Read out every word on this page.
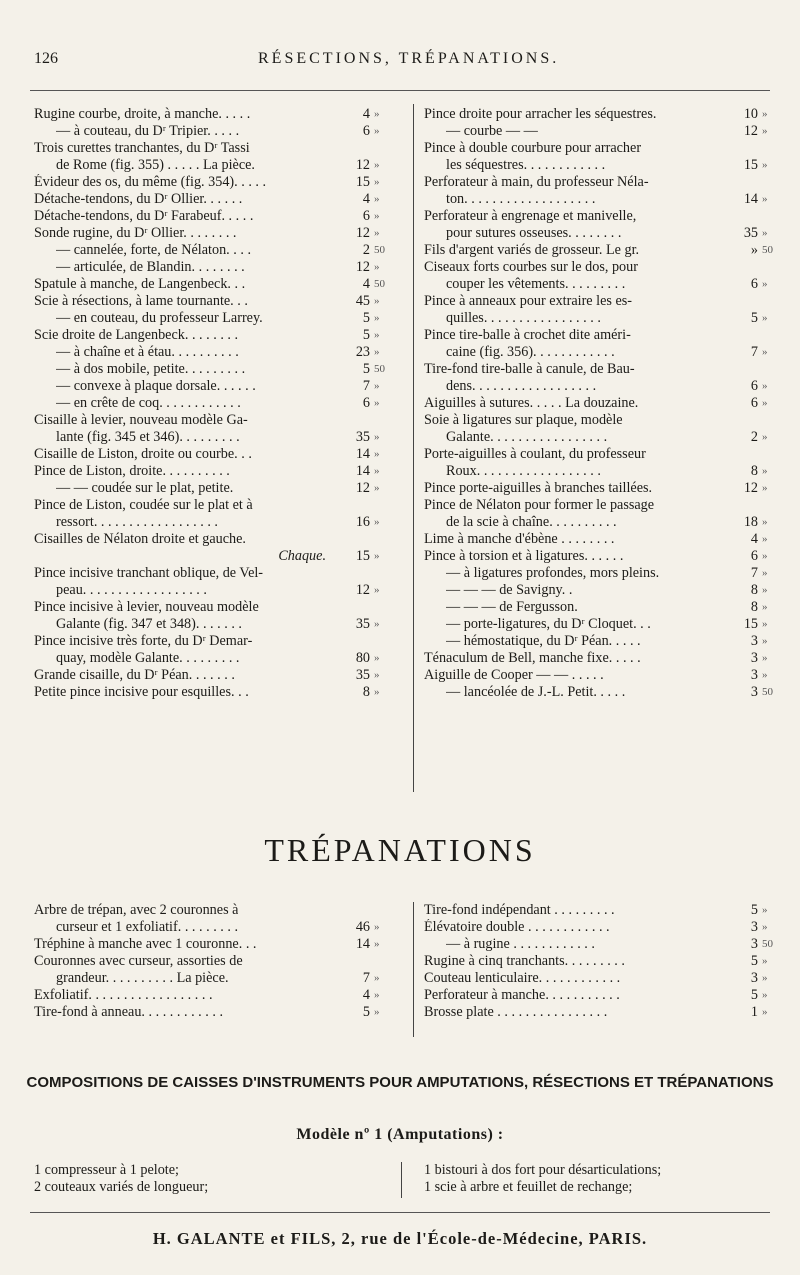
126	RÉSECTIONS, TRÉPANATIONS.
Rugine courbe, droite, à manche. . . . .	4 »
— à couteau, du Dʳ Tripier. . . . .	6 »
Trois curettes tranchantes, du Dʳ Tassi
de Rome (fig. 355) . . . . . La pièce.	12 »
Évideur des os, du même (fig. 354). . . . .	15 »
Détache-tendons, du Dʳ Ollier. . . . . .	4 »
Détache-tendons, du Dʳ Farabeuf. . . . .	6 »
Sonde rugine, du Dʳ Ollier. . . . . . . .	12 »
— cannelée, forte, de Nélaton. . . .	2 50
— articulée, de Blandin. . . . . . . .	12 »
Spatule à manche, de Langenbeck. . .	4 50
Scie à résections, à lame tournante. . .	45 »
— en couteau, du professeur Larrey.	5 »
Scie droite de Langenbeck. . . . . . . .	5 »
— à chaîne et à étau. . . . . . . . . .	23 »
— à dos mobile, petite. . . . . . . . .	5 50
— convexe à plaque dorsale. . . . . .	7 »
— en crête de coq. . . . . . . . . . . .	6 »
Cisaille à levier, nouveau modèle Ga-
lante (fig. 345 et 346). . . . . . . . .	35 »
Cisaille de Liston, droite ou courbe. . .	14 »
Pince de Liston, droite. . . . . . . . . .	14 »
— — coudée sur le plat, petite.	12 »
Pince de Liston, coudée sur le plat et à
ressort. . . . . . . . . . . . . . . . . .	16 »
Cisailles de Nélaton droite et gauche.
Chaque. 15 »
Pince incisive tranchant oblique, de Vel-
peau. . . . . . . . . . . . . . . . . .	12 »
Pince incisive à levier, nouveau modèle
Galante (fig. 347 et 348). . . . . . .	35 »
Pince incisive très forte, du Dʳ Demar-
quay, modèle Galante. . . . . . . . .	80 »
Grande cisaille, du Dʳ Péan. . . . . . .	35 »
Petite pince incisive pour esquilles. . .	8 »
Pince droite pour arracher les séquestres.	10 »
— courbe — —	12 »
Pince à double courbure pour arracher
les séquestres. . . . . . . . . . . .	15 »
Perforateur à main, du professeur Néla-
ton. . . . . . . . . . . . . . . . . . .	14 »
Perforateur à engrenage et manivelle,
pour sutures osseuses. . . . . . . .	35 »
Fils d'argent variés de grosseur. Le gr.	» 50
Ciseaux forts courbes sur le dos, pour
couper les vêtements. . . . . . . . .	6 »
Pince à anneaux pour extraire les es-
quilles. . . . . . . . . . . . . . . . .	5 »
Pince tire-balle à crochet dite améri-
caine (fig. 356). . . . . . . . . . . .	7 »
Tire-fond tire-balle à canule, de Bau-
dens. . . . . . . . . . . . . . . . . .	6 »
Aiguilles à sutures. . . . . La douzaine.	6 »
Soie à ligatures sur plaque, modèle
Galante. . . . . . . . . . . . . . . . .	2 »
Porte-aiguilles à coulant, du professeur
Roux. . . . . . . . . . . . . . . . . .	8 »
Pince porte-aiguilles à branches taillées.	12 »
Pince de Nélaton pour former le passage
de la scie à chaîne. . . . . . . . . .	18 »
Lime à manche d'ébène . . . . . . . .	4 »
Pince à torsion et à ligatures. . . . . .	6 »
— à ligatures profondes, mors pleins.	7 »
— — — de Savigny. .	8 »
— — — de Fergusson.	8 »
— porte-ligatures, du Dʳ Cloquet. . .	15 »
— hémostatique, du Dʳ Péan. . . . .	3 »
Ténaculum de Bell, manche fixe. . . . .	3 »
Aiguille de Cooper — — . . . . .	3 »
— lancéolée de J.-L. Petit. . . . .	3 50
TRÉPANATIONS
Arbre de trépan, avec 2 couronnes à
curseur et 1 exfoliatif. . . . . . . . .	46 »
Tréphine à manche avec 1 couronne. . .	14 »
Couronnes avec curseur, assorties de
grandeur. . . . . . . . . . La pièce.	7 »
Exfoliatif. . . . . . . . . . . . . . . . . .	4 »
Tire-fond à anneau. . . . . . . . . . . .	5 »
Tire-fond indépendant . . . . . . . . .	5 »
Élévatoire double . . . . . . . . . . . .	3 »
— à rugine . . . . . . . . . . . .	3 50
Rugine à cinq tranchants. . . . . . . . .	5 »
Couteau lenticulaire. . . . . . . . . . . .	3 »
Perforateur à manche. . . . . . . . . . .	5 »
Brosse plate . . . . . . . . . . . . . . . .	1 »
COMPOSITIONS DE CAISSES D'INSTRUMENTS POUR AMPUTATIONS, RÉSECTIONS ET TRÉPANATIONS
Modèle nº 1 (Amputations) :
1 compresseur à 1 pelote;
2 couteaux variés de longueur;
1 bistouri à dos fort pour désarticulations;
1 scie à arbre et feuillet de rechange;
H. GALANTE et FILS, 2, rue de l'École-de-Médecine, PARIS.
